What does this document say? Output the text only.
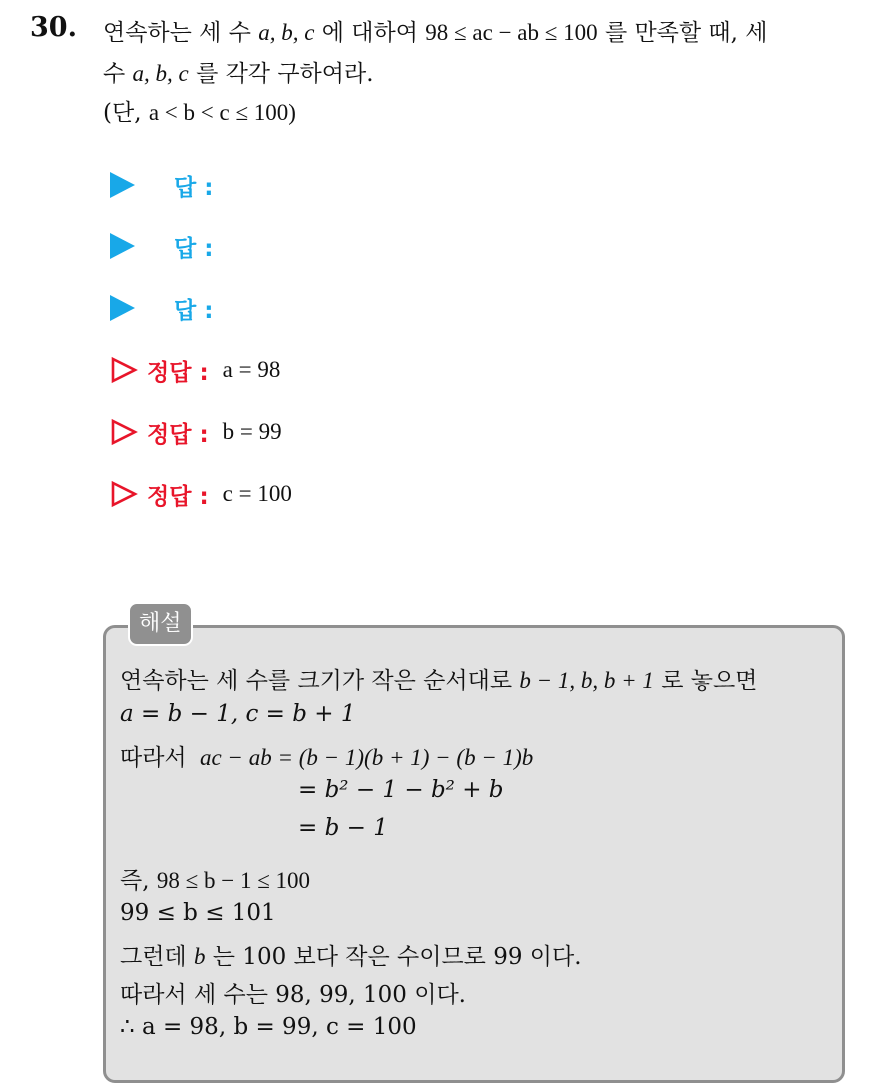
30. 연속하는 세 수 a, b, c 에 대하여 98 ≤ ac − ab ≤ 100 를 만족할 때, 세
수 a, b, c 를 각각 구하여라.
(단, a < b < c ≤ 100)
답 :
답 :
답 :
정답 : a = 98
정답 : b = 99
정답 : c = 100
해설
연속하는 세 수를 크기가 작은 순서대로 b − 1, b, b + 1 로 놓으면
a = b − 1, c = b + 1
따라서 ac − ab = (b − 1)(b + 1) − (b − 1)b
= b² − 1 − b² + b
= b − 1
즉, 98 ≤ b − 1 ≤ 100
99 ≤ b ≤ 101
그런데 b 는 100 보다 작은 수이므로 99 이다.
따라서 세 수는 98, 99, 100 이다.
∴ a = 98, b = 99, c = 100
